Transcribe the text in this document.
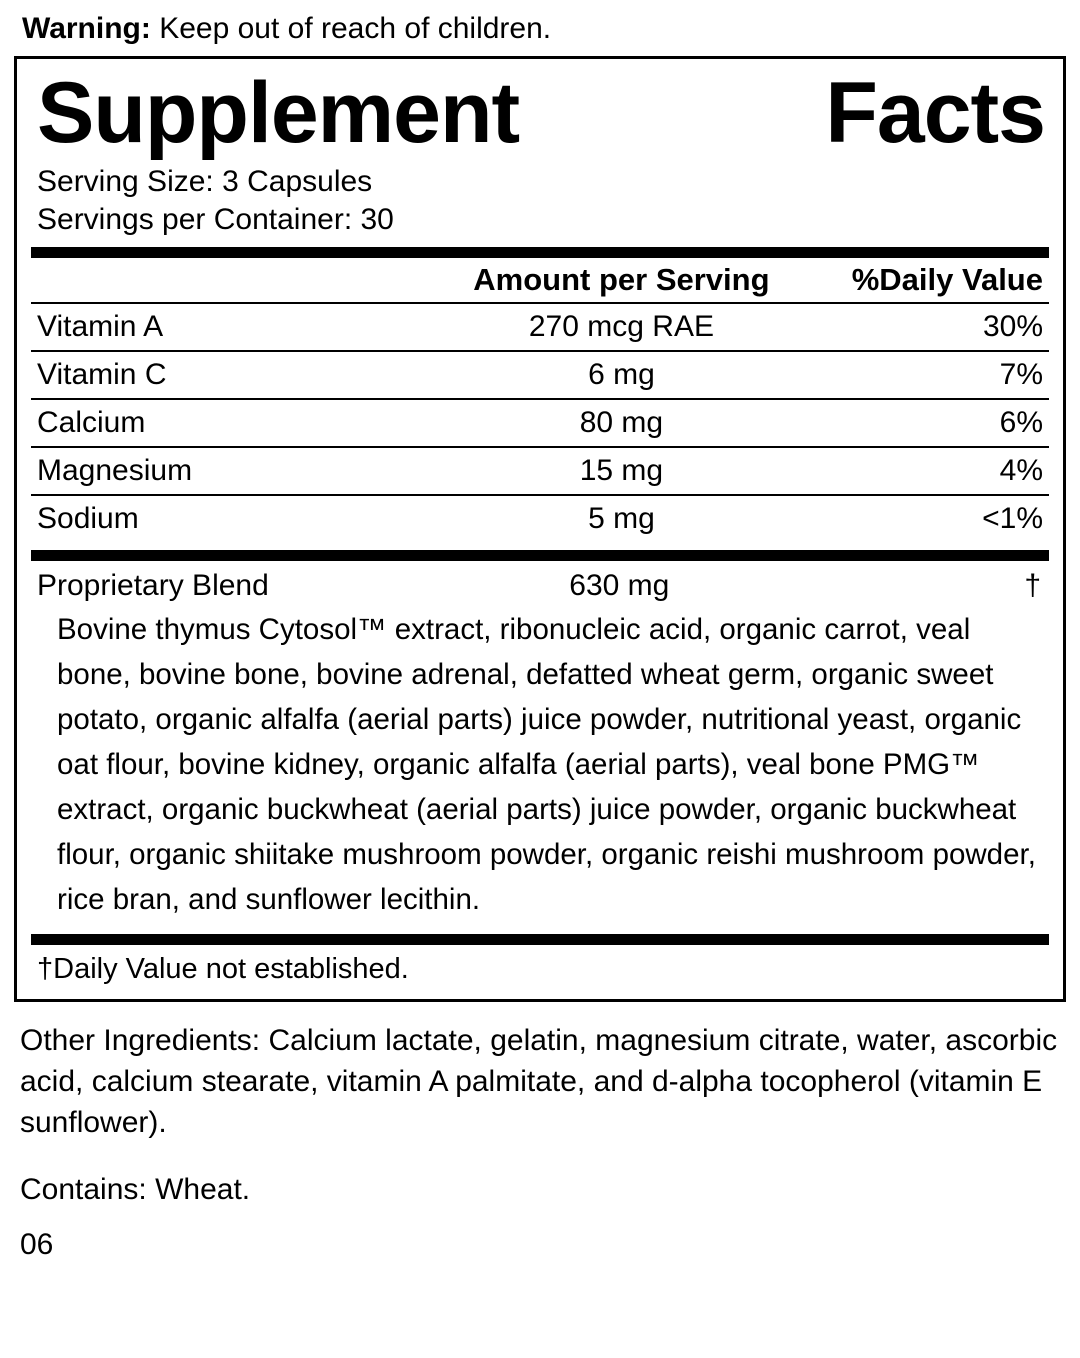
Warning: Keep out of reach of children.
Supplement	Facts
Serving Size: 3 Capsules
Servings per Container: 30
	Amount per Serving	%Daily Value
Vitamin A	270 mcg RAE	30%
Vitamin C	6 mg	7%
Calcium	80 mg	6%
Magnesium	15 mg	4%
Sodium	5 mg	<1%
Proprietary Blend	630 mg	†
Bovine thymus Cytosol™ extract, ribonucleic acid, organic carrot, veal bone, bovine bone, bovine adrenal, defatted wheat germ, organic sweet potato, organic alfalfa (aerial parts) juice powder, nutritional yeast, organic oat flour, bovine kidney, organic alfalfa (aerial parts), veal bone PMG™ extract, organic buckwheat (aerial parts) juice powder, organic buckwheat flour, organic shiitake mushroom powder, organic reishi mushroom powder, rice bran, and sunflower lecithin.
†Daily Value not established.
Other Ingredients: Calcium lactate, gelatin, magnesium citrate, water, ascorbic acid, calcium stearate, vitamin A palmitate, and d-alpha tocopherol (vitamin E sunflower).
Contains: Wheat.
06
